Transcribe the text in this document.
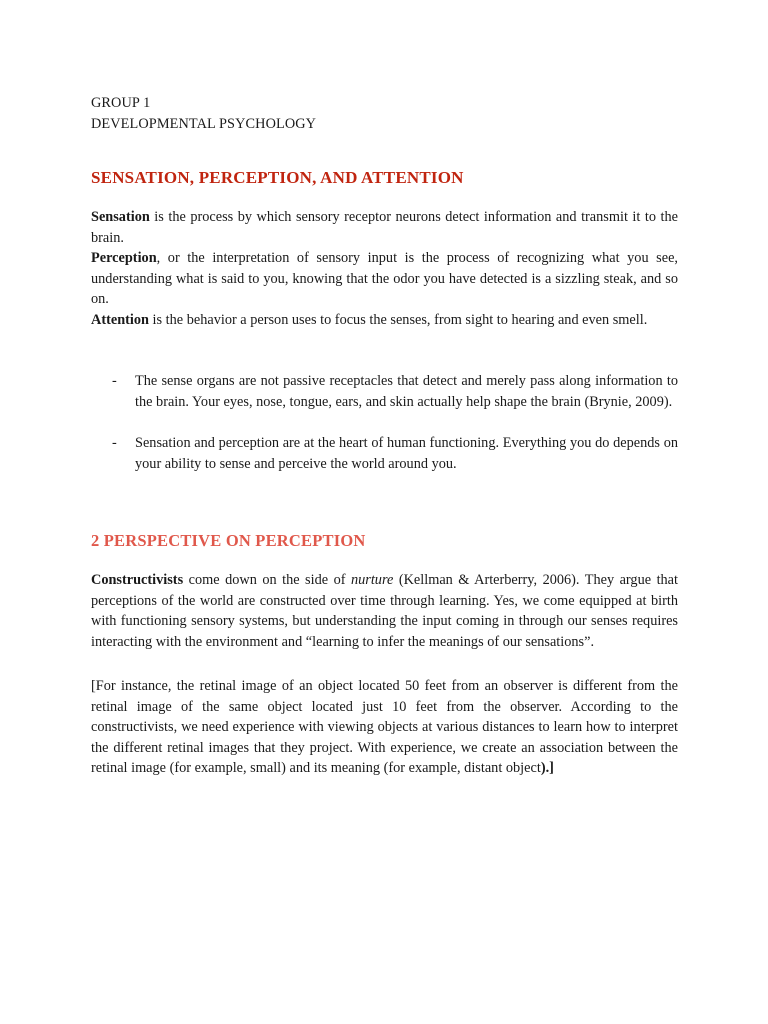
GROUP 1

DEVELOPMENTAL PSYCHOLOGY

SENSATION, PERCEPTION, AND ATTENTION

Sensation is the process by which sensory receptor neurons detect information and transmit it to the brain.

Perception, or the interpretation of sensory input is the process of recognizing what you see, understanding what is said to you, knowing that the odor you have detected is a sizzling steak, and so on.

Attention is the behavior a person uses to focus the senses, from sight to hearing and even smell.

- The sense organs are not passive receptacles that detect and merely pass along information to the brain. Your eyes, nose, tongue, ears, and skin actually help shape the brain (Brynie, 2009).
- Sensation and perception are at the heart of human functioning. Everything you do depends on your ability to sense and perceive the world around you.
2 PERSPECTIVE ON PERCEPTION

Constructivists come down on the side of nurture (Kellman & Arterberry, 2006). They argue that perceptions of the world are constructed over time through learning. Yes, we come equipped at birth with functioning sensory systems, but understanding the input coming in through our senses requires interacting with the environment and “learning to infer the meanings of our sensations”.

[For instance, the retinal image of an object located 50 feet from an observer is different from the retinal image of the same object located just 10 feet from the observer. According to the constructivists, we need experience with viewing objects at various distances to learn how to interpret the different retinal images that they project. With experience, we create an association between the retinal image (for example, small) and its meaning (for example, distant object).]
